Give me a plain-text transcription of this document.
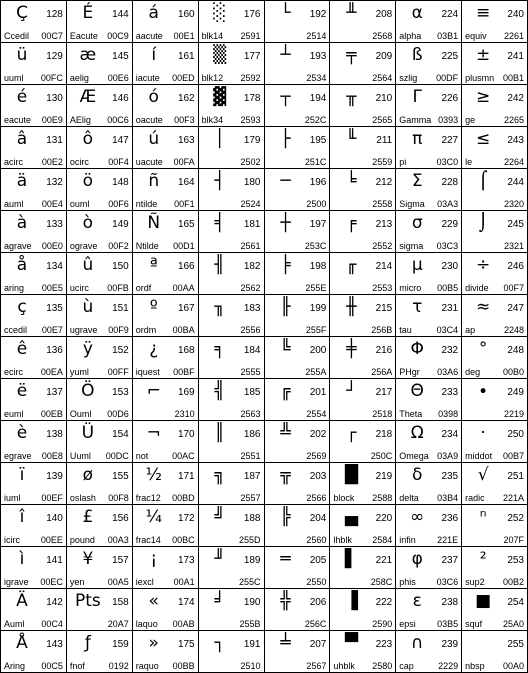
Ç	128
Ccedil 00C7
ü	129
uuml 00FC
é	130
eacute 00E9
â	131
acirc 00E2
ä	132
auml 00E4
à	133
agrave 00E0
å	134
aring 00E5
ç	135
ccedil 00E7
ê	136
ecirc 00EA
ë	137
euml 00EB
è	138
egrave 00E8
ï	139
iuml 00EF
î	140
icirc 00EE
ì	141
igrave 00EC
Ä	142
Auml 00C4
Å	143
Aring 00C5
É	144
Eacute 00C9
æ	145
aelig 00E6
Æ	146
AElig 00C6
ô	147
ocirc 00F4
ö	148
ouml 00F6
ò	149
ograve 00F2
û	150
ucirc 00FB
ù	151
ugrave 00F9
ÿ	152
yuml 00FF
Ö	153
Ouml 00D6
Ü	154
Uuml 00DC
ø	155
oslash 00F8
£	156
pound 00A3
¥	157
yen	00A5
Pts	158
20A7
ƒ	159
fnof	0192
á	160
aacute 00E1
í	161
iacute 00ED
ó	162
oacute 00F3
ú	163
uacute 00FA
ñ	164
ntilde 00F1
Ñ	165
Ntilde 00D1
ª	166
ordf 00AA
º	167
ordm 00BA
¿	168
iquest 00BF
⌐	169
2310
¬	170
not	00AC
½	171
frac12 00BD
¼	172
frac14 00BC
¡	173
iexcl 00A1
«	174
laquo 00AB
»	175
raquo 00BB
░	176
blk14 2591
▒	177
blk12 2592
▓	178
blk34 2593
│	179
2502
┤	180
2524
╡	181
2561
╢	182
2562
╖	183
2556
╕	184
2555
╣	185
2563
║	186
2551
╗	187
2557
╝	188
255D
╜	189
255C
╛	190
255B
┐	191
2510
└	192
2514
┴	193
2534
┬	194
252C
├	195
251C
─	196
2500
┼	197
253C
╞	198
255E
╟	199
255F
╚	200
255A
╔	201
2554
╩	202
2569
╦	203
2566
╠	204
2560
═	205
2550
╬	206
256C
╧	207
2567
╨	208
2568
╤	209
2564
╥	210
2565
╙	211
2559
╘	212
2558
╒	213
2552
╓	214
2553
╫	215
256B
╪	216
256A
┘	217
2518
┌	218
250C
█	219
block 2588
▄	220
lhblk 2584
▌	221
258C
▐	222
2590
▀	223
uhblk 2580
α	224
alpha 03B1
ß	225
szlig 00DF
Γ	226
Gamma 0393
π	227
pi	03C0
Σ	228
Sigma 03A3
σ	229
sigma 03C3
µ	230
micro 00B5
τ	231
tau	03C4
Φ	232
PHgr 03A6
Θ	233
Theta 0398
Ω	234
Omega 03A9
δ	235
delta 03B4
∞	236
infin 221E
φ	237
phis 03C6
ε	238
epsi 03B5
∩	239
cap	2229
≡	240
equiv 2261
±	241
plusmn 00B1
≥	242
ge	2265
≤	243
le	2264
⌠	244
2320
⌡	245
2321
÷	246
divide 00F7
≈	247
ap	2248
°	248
deg	00B0
∙	249
2219
·	250
middot 00B7
√	251
radic 221A
ⁿ	252
207F
²	253
sup2 00B2
■	254
squf 25A0
255
nbsp 00A0
